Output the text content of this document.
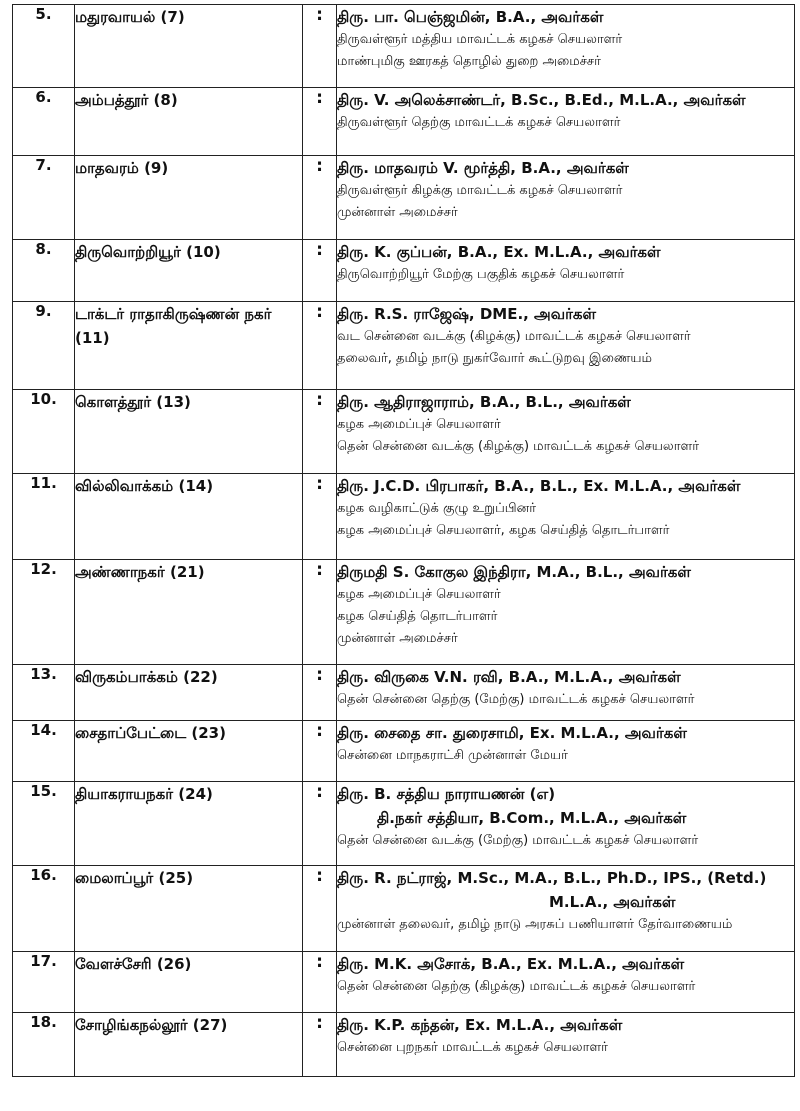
5.	மதுரவாயல் (7)	:	திரு. பா. பெஞ்ஜமின், B.A., அவர்கள்
திருவள்ளூர் மத்திய மாவட்டக் கழகச் செயலாளர்
மாண்புமிகு ஊரகத் தொழில் துறை அமைச்சர்

6.	அம்பத்தூர் (8)	:	திரு. V. அலெக்சாண்டர், B.Sc., B.Ed., M.L.A., அவர்கள்
திருவள்ளூர் தெற்கு மாவட்டக் கழகச் செயலாளர்

7.	மாதவரம் (9)	:	திரு. மாதவரம் V. மூர்த்தி, B.A., அவர்கள்
திருவள்ளூர் கிழக்கு மாவட்டக் கழகச் செயலாளர்
முன்னாள் அமைச்சர்

8.	திருவொற்றியூர் (10)	:	திரு. K. குப்பன், B.A., Ex. M.L.A., அவர்கள்
திருவொற்றியூர் மேற்கு பகுதிக் கழகச் செயலாளர்

9.	டாக்டர் ராதாகிருஷ்ணன் நகர் (11)	:	திரு. R.S. ராஜேஷ், DME., அவர்கள்
வட சென்னை வடக்கு (கிழக்கு) மாவட்டக் கழகச் செயலாளர்
தலைவர், தமிழ் நாடு நுகர்வோர் கூட்டுறவு இணையம்

10.	கொளத்தூர் (13)	:	திரு. ஆதிராஜாராம், B.A., B.L., அவர்கள்
கழக அமைப்புச் செயலாளர்
தென் சென்னை வடக்கு (கிழக்கு) மாவட்டக் கழகச் செயலாளர்

11.	வில்லிவாக்கம் (14)	:	திரு. J.C.D. பிரபாகர், B.A., B.L., Ex. M.L.A., அவர்கள்
கழக வழிகாட்டுக் குழு உறுப்பினர்
கழக அமைப்புச் செயலாளர், கழக செய்தித் தொடர்பாளர்

12.	அண்ணாநகர் (21)	:	திருமதி S. கோகுல இந்திரா, M.A., B.L., அவர்கள்
கழக அமைப்புச் செயலாளர்
கழக செய்தித் தொடர்பாளர்
முன்னாள் அமைச்சர்

13.	விருகம்பாக்கம் (22)	:	திரு. விருகை V.N. ரவி, B.A., M.L.A., அவர்கள்
தென் சென்னை தெற்கு (மேற்கு) மாவட்டக் கழகச் செயலாளர்

14.	சைதாப்பேட்டை (23)	:	திரு. சைதை சா. துரைசாமி, Ex. M.L.A., அவர்கள்
சென்னை மாநகராட்சி முன்னாள் மேயர்

15.	தியாகராயநகர் (24)	:	திரு. B. சத்திய நாராயணன் (எ)
தி.நகர் சத்தியா, B.Com., M.L.A., அவர்கள்
தென் சென்னை வடக்கு (மேற்கு) மாவட்டக் கழகச் செயலாளர்

16.	மைலாப்பூர் (25)	:	திரு. R. நட்ராஜ், M.Sc., M.A., B.L., Ph.D., IPS., (Retd.)
M.L.A., அவர்கள்
முன்னாள் தலைவர், தமிழ் நாடு அரசுப் பணியாளர் தேர்வாணையம்

17.	வேளச்சேரி (26)	:	திரு. M.K. அசோக், B.A., Ex. M.L.A., அவர்கள்
தென் சென்னை தெற்கு (கிழக்கு) மாவட்டக் கழகச் செயலாளர்

18.	சோழிங்கநல்லூர் (27)	:	திரு. K.P. கந்தன், Ex. M.L.A., அவர்கள்
சென்னை புறநகர் மாவட்டக் கழகச் செயலாளர்
